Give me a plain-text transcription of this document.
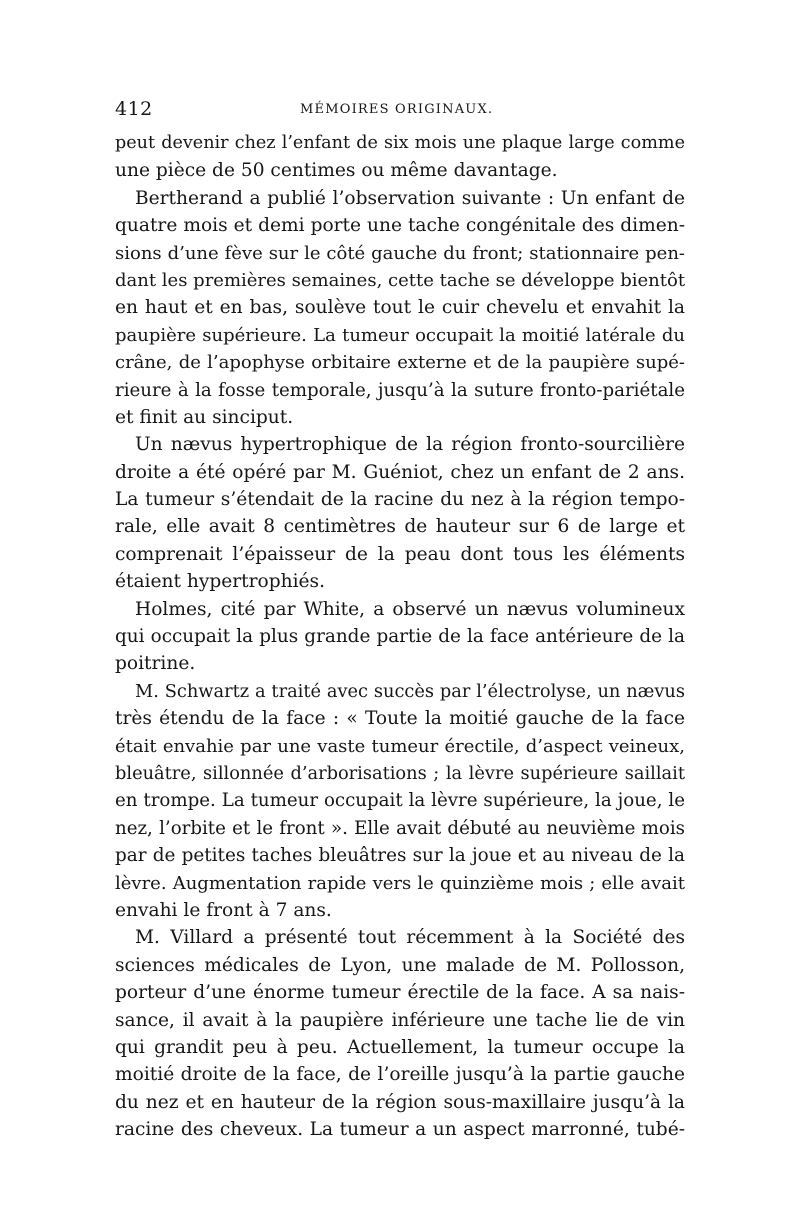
412	MÉMOIRES ORIGINAUX.
peut devenir chez l’enfant de six mois une plaque large comme
une pièce de 50 centimes ou même davantage.
Bertherand a publié l’observation suivante : Un enfant de
quatre mois et demi porte une tache congénitale des dimen-
sions d’une fève sur le côté gauche du front; stationnaire pen-
dant les premières semaines, cette tache se développe bientôt
en haut et en bas, soulève tout le cuir chevelu et envahit la
paupière supérieure. La tumeur occupait la moitié latérale du
crâne, de l’apophyse orbitaire externe et de la paupière supé-
rieure à la fosse temporale, jusqu’à la suture fronto-pariétale
et finit au sinciput.
Un nævus hypertrophique de la région fronto-sourcilière
droite a été opéré par M. Guéniot, chez un enfant de 2 ans.
La tumeur s’étendait de la racine du nez à la région tempo-
rale, elle avait 8 centimètres de hauteur sur 6 de large et
comprenait l’épaisseur de la peau dont tous les éléments
étaient hypertrophiés.
Holmes, cité par White, a observé un nævus volumineux
qui occupait la plus grande partie de la face antérieure de la
poitrine.
M. Schwartz a traité avec succès par l’électrolyse, un nævus
très étendu de la face : « Toute la moitié gauche de la face
était envahie par une vaste tumeur érectile, d’aspect veineux,
bleuâtre, sillonnée d’arborisations ; la lèvre supérieure saillait
en trompe. La tumeur occupait la lèvre supérieure, la joue, le
nez, l’orbite et le front ». Elle avait débuté au neuvième mois
par de petites taches bleuâtres sur la joue et au niveau de la
lèvre. Augmentation rapide vers le quinzième mois ; elle avait
envahi le front à 7 ans.
M. Villard a présenté tout récemment à la Société des
sciences médicales de Lyon, une malade de M. Pollosson,
porteur d’une énorme tumeur érectile de la face. A sa nais-
sance, il avait à la paupière inférieure une tache lie de vin
qui grandit peu à peu. Actuellement, la tumeur occupe la
moitié droite de la face, de l’oreille jusqu’à la partie gauche
du nez et en hauteur de la région sous-maxillaire jusqu’à la
racine des cheveux. La tumeur a un aspect marronné, tubé-
